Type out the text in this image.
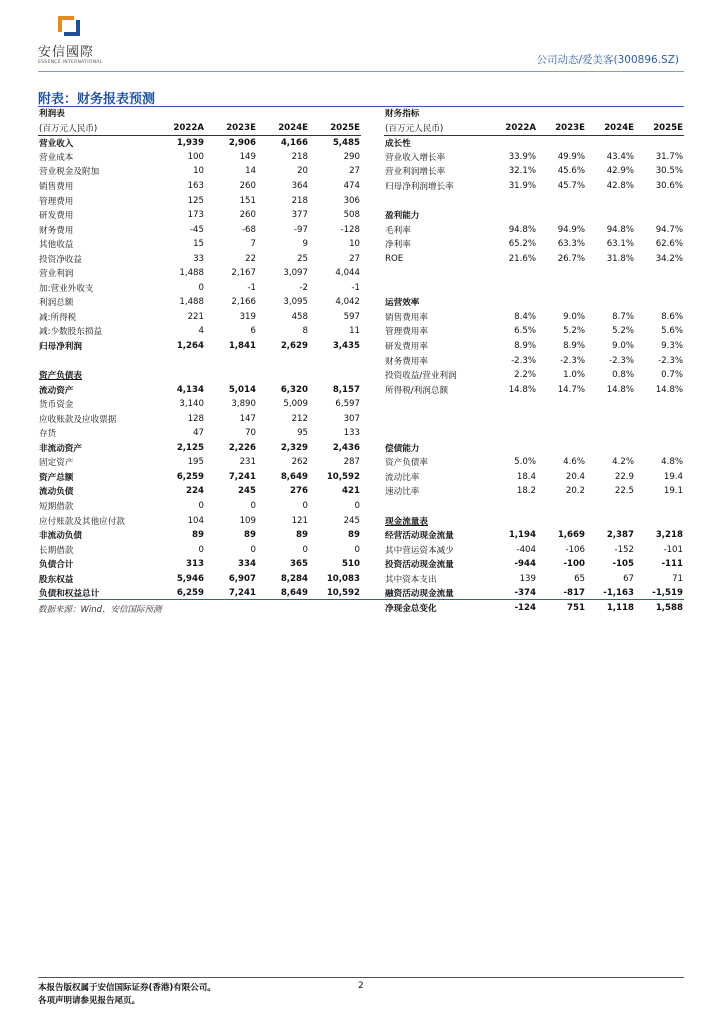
安信國際
ESSENCE INTERNATIONAL	公司动态/爱美客(300896.SZ)
附表：财务报表预测
利润表				
(百万元人民币)	2022A	2023E	2024E	2025E
营业收入	1,939	2,906	4,166	5,485
营业成本	100	149	218	290
营业税金及附加	10	14	20	27
销售费用	163	260	364	474
管理费用	125	151	218	306
研发费用	173	260	377	508
财务费用	-45	-68	-97	-128
其他收益	15	7	9	10
投资净收益	33	22	25	27
营业利润	1,488	2,167	3,097	4,044
加:营业外收支	0	-1	-2	-1
利润总额	1,488	2,166	3,095	4,042
减:所得税	221	319	458	597
减:少数股东损益	4	6	8	11
归母净利润	1,264	1,841	2,629	3,435

资产负债表				
流动资产	4,134	5,014	6,320	8,157
货币资金	3,140	3,890	5,009	6,597
应收账款及应收票据	128	147	212	307
存货	47	70	95	133
非流动资产	2,125	2,226	2,329	2,436
固定资产	195	231	262	287
资产总额	6,259	7,241	8,649	10,592
流动负债	224	245	276	421
短期借款	0	0	0	0
应付账款及其他应付款	104	109	121	245
非流动负债	89	89	89	89
长期借款	0	0	0	0
负债合计	313	334	365	510
股东权益	5,946	6,907	8,284	10,083
负债和权益总计	6,259	7,241	8,649	10,592
财务指标				
(百万元人民币)	2022A	2023E	2024E	2025E
成长性				
营业收入增长率	33.9%	49.9%	43.4%	31.7%
营业利润增长率	32.1%	45.6%	42.9%	30.5%
归母净利润增长率	31.9%	45.7%	42.8%	30.6%

盈利能力				
毛利率	94.8%	94.9%	94.8%	94.7%
净利率	65.2%	63.3%	63.1%	62.6%
ROE	21.6%	26.7%	31.8%	34.2%

运营效率				
销售费用率	8.4%	9.0%	8.7%	8.6%
管理费用率	6.5%	5.2%	5.2%	5.6%
研发费用率	8.9%	8.9%	9.0%	9.3%
财务费用率	-2.3%	-2.3%	-2.3%	-2.3%
投资收益/营业利润	2.2%	1.0%	0.8%	0.7%
所得税/利润总额	14.8%	14.7%	14.8%	14.8%

偿债能力				
资产负债率	5.0%	4.6%	4.2%	4.8%
流动比率	18.4	20.4	22.9	19.4
速动比率	18.2	20.2	22.5	19.1

现金流量表				
经营活动现金流量	1,194	1,669	2,387	3,218
其中营运资本减少	-404	-106	-152	-101
投资活动现金流量	-944	-100	-105	-111
其中资本支出	139	65	67	71
融资活动现金流量	-374	-817	-1,163	-1,519
净现金总变化	-124	751	1,118	1,588
数据来源：Wind、安信国际预测
本报告版权属于安信国际证券(香港)有限公司。
各项声明请参见报告尾页。
2
